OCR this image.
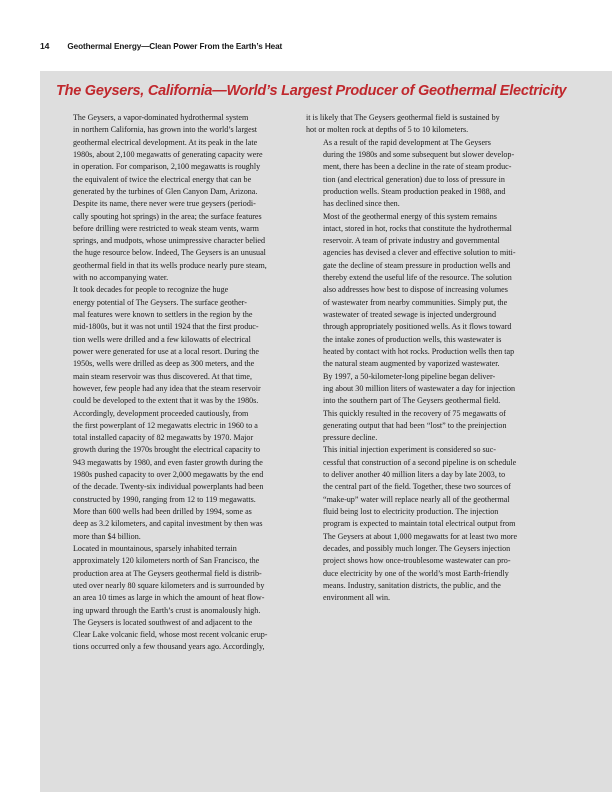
14 Geothermal Energy—Clean Power From the Earth’s Heat
The Geysers, California—World’s Largest Producer of Geothermal Electricity

The Geysers, a vapor-dominated hydrothermal system
in northern California, has grown into the world’s largest
geothermal electrical development. At its peak in the late
1980s, about 2,100 megawatts of generating capacity were
in operation. For comparison, 2,100 megawatts is roughly
the equivalent of twice the electrical energy that can be
generated by the turbines of Glen Canyon Dam, Arizona.
Despite its name, there never were true geysers (periodi-
cally spouting hot springs) in the area; the surface features
before drilling were restricted to weak steam vents, warm
springs, and mudpots, whose unimpressive character belied
the huge resource below. Indeed, The Geysers is an unusual
geothermal field in that its wells produce nearly pure steam,
with no accompanying water.

It took decades for people to recognize the huge
energy potential of The Geysers. The surface geother-
mal features were known to settlers in the region by the
mid-1800s, but it was not until 1924 that the first produc-
tion wells were drilled and a few kilowatts of electrical
power were generated for use at a local resort. During the
1950s, wells were drilled as deep as 300 meters, and the
main steam reservoir was thus discovered. At that time,
however, few people had any idea that the steam reservoir
could be developed to the extent that it was by the 1980s.
Accordingly, development proceeded cautiously, from
the first powerplant of 12 megawatts electric in 1960 to a
total installed capacity of 82 megawatts by 1970. Major
growth during the 1970s brought the electrical capacity to
943 megawatts by 1980, and even faster growth during the
1980s pushed capacity to over 2,000 megawatts by the end
of the decade. Twenty-six individual powerplants had been
constructed by 1990, ranging from 12 to 119 megawatts.
More than 600 wells had been drilled by 1994, some as
deep as 3.2 kilometers, and capital investment by then was
more than $4 billion.

Located in mountainous, sparsely inhabited terrain
approximately 120 kilometers north of San Francisco, the
production area at The Geysers geothermal field is distrib-
uted over nearly 80 square kilometers and is surrounded by
an area 10 times as large in which the amount of heat flow-
ing upward through the Earth’s crust is anomalously high.
The Geysers is located southwest of and adjacent to the
Clear Lake volcanic field, whose most recent volcanic erup-
tions occurred only a few thousand years ago. Accordingly,

it is likely that The Geysers geothermal field is sustained by
hot or molten rock at depths of 5 to 10 kilometers.

As a result of the rapid development at The Geysers
during the 1980s and some subsequent but slower develop-
ment, there has been a decline in the rate of steam produc-
tion (and electrical generation) due to loss of pressure in
production wells. Steam production peaked in 1988, and
has declined since then.

Most of the geothermal energy of this system remains
intact, stored in hot, rocks that constitute the hydrothermal
reservoir. A team of private industry and governmental
agencies has devised a clever and effective solution to miti-
gate the decline of steam pressure in production wells and
thereby extend the useful life of the resource. The solution
also addresses how best to dispose of increasing volumes
of wastewater from nearby communities. Simply put, the
wastewater of treated sewage is injected underground
through appropriately positioned wells. As it flows toward
the intake zones of production wells, this wastewater is
heated by contact with hot rocks. Production wells then tap
the natural steam augmented by vaporized wastewater.

By 1997, a 50-kilometer-long pipeline began deliver-
ing about 30 million liters of wastewater a day for injection
into the southern part of The Geysers geothermal field.
This quickly resulted in the recovery of 75 megawatts of
generating output that had been “lost” to the preinjection
pressure decline.

This initial injection experiment is considered so suc-
cessful that construction of a second pipeline is on schedule
to deliver another 40 million liters a day by late 2003, to
the central part of the field. Together, these two sources of
“make-up” water will replace nearly all of the geothermal
fluid being lost to electricity production. The injection
program is expected to maintain total electrical output from
The Geysers at about 1,000 megawatts for at least two more
decades, and possibly much longer. The Geysers injection
project shows how once-troublesome wastewater can pro-
duce electricity by one of the world’s most Earth-friendly
means. Industry, sanitation districts, the public, and the
environment all win.
